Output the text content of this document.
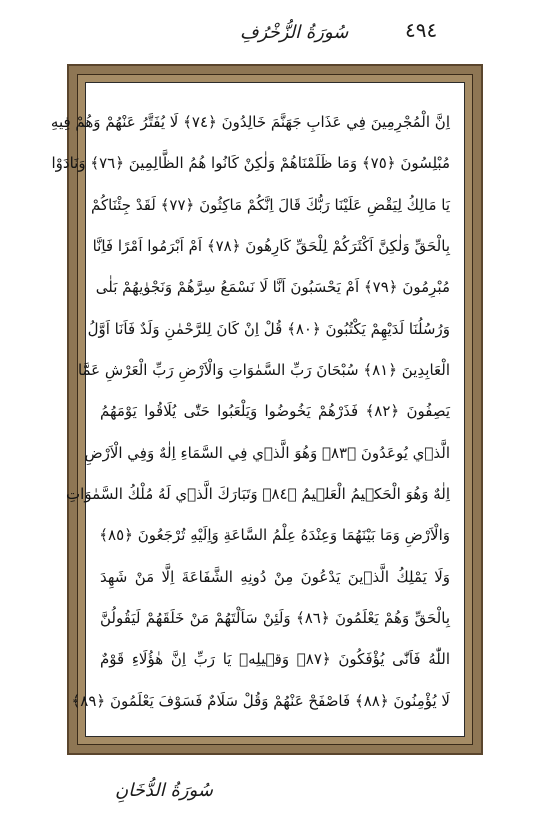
٤٩٤
سُورَةُ الزُّخْرُفِ
اِنَّ الْمُجْرِمِينَ فِي عَذَابِ جَهَنَّمَ خَالِدُونَ ﴿٧٤﴾ لَا يُفَتَّرُ عَنْهُمْ وَهُمْ فِيهِ
مُبْلِسُونَ ﴿٧٥﴾ وَمَا ظَلَمْنَاهُمْ وَلٰكِنْ كَانُوا هُمُ الظَّالِمِينَ ﴿٧٦﴾ وَنَادَوْا
يَا مَالِكُ لِيَقْضِ عَلَيْنَا رَبُّكَ قَالَ اِنَّكُمْ مَاكِثُونَ ﴿٧٧﴾ لَقَدْ جِئْنَاكُمْ
بِالْحَقِّ وَلٰكِنَّ اَكْثَرَكُمْ لِلْحَقِّ كَارِهُونَ ﴿٧٨﴾ اَمْ اَبْرَمُوا اَمْرًا فَاِنَّا
مُبْرِمُونَ ﴿٧٩﴾ اَمْ يَحْسَبُونَ اَنَّا لَا نَسْمَعُ سِرَّهُمْ وَنَجْوٰيهُمْ بَلٰى
وَرُسُلُنَا لَدَيْهِمْ يَكْتُبُونَ ﴿٨٠﴾ قُلْ اِنْ كَانَ لِلرَّحْمٰنِ وَلَدٌ فَاَنَا اَوَّلُ
الْعَابِدِينَ ﴿٨١﴾ سُبْحَانَ رَبِّ السَّمٰوَاتِ وَالْاَرْضِ رَبِّ الْعَرْشِ عَمَّا
يَصِفُونَ ﴿٨٢﴾ فَذَرْهُمْ يَخُوضُوا وَيَلْعَبُوا حَتّٰى يُلَاقُوا يَوْمَهُمُ
الَّذٖي يُوعَدُونَ ﴿٨٣﴾ وَهُوَ الَّذٖي فِي السَّمَاءِ اِلٰهٌ وَفِي الْاَرْضِ
اِلٰهٌ وَهُوَ الْحَكٖيمُ الْعَلٖيمُ ﴿٨٤﴾ وَتَبَارَكَ الَّذٖي لَهُ مُلْكُ السَّمٰوَاتِ
وَالْاَرْضِ وَمَا بَيْنَهُمَا وَعِنْدَهُ عِلْمُ السَّاعَةِ وَاِلَيْهِ تُرْجَعُونَ ﴿٨٥﴾
وَلَا يَمْلِكُ الَّذٖينَ يَدْعُونَ مِنْ دُونِهِ الشَّفَاعَةَ اِلَّا مَنْ شَهِدَ
بِالْحَقِّ وَهُمْ يَعْلَمُونَ ﴿٨٦﴾ وَلَئِنْ سَاَلْتَهُمْ مَنْ خَلَقَهُمْ لَيَقُولُنَّ
اللّٰهُ فَاَنّٰى يُؤْفَكُونَ ﴿٨٧﴾ وَقٖيلِهٖ يَا رَبِّ اِنَّ هٰؤُلَاءِ قَوْمٌ
لَا يُؤْمِنُونَ ﴿٨٨﴾ فَاصْفَحْ عَنْهُمْ وَقُلْ سَلَامٌ فَسَوْفَ يَعْلَمُونَ ﴿٨٩﴾
سُورَةُ الدُّخَانِ
